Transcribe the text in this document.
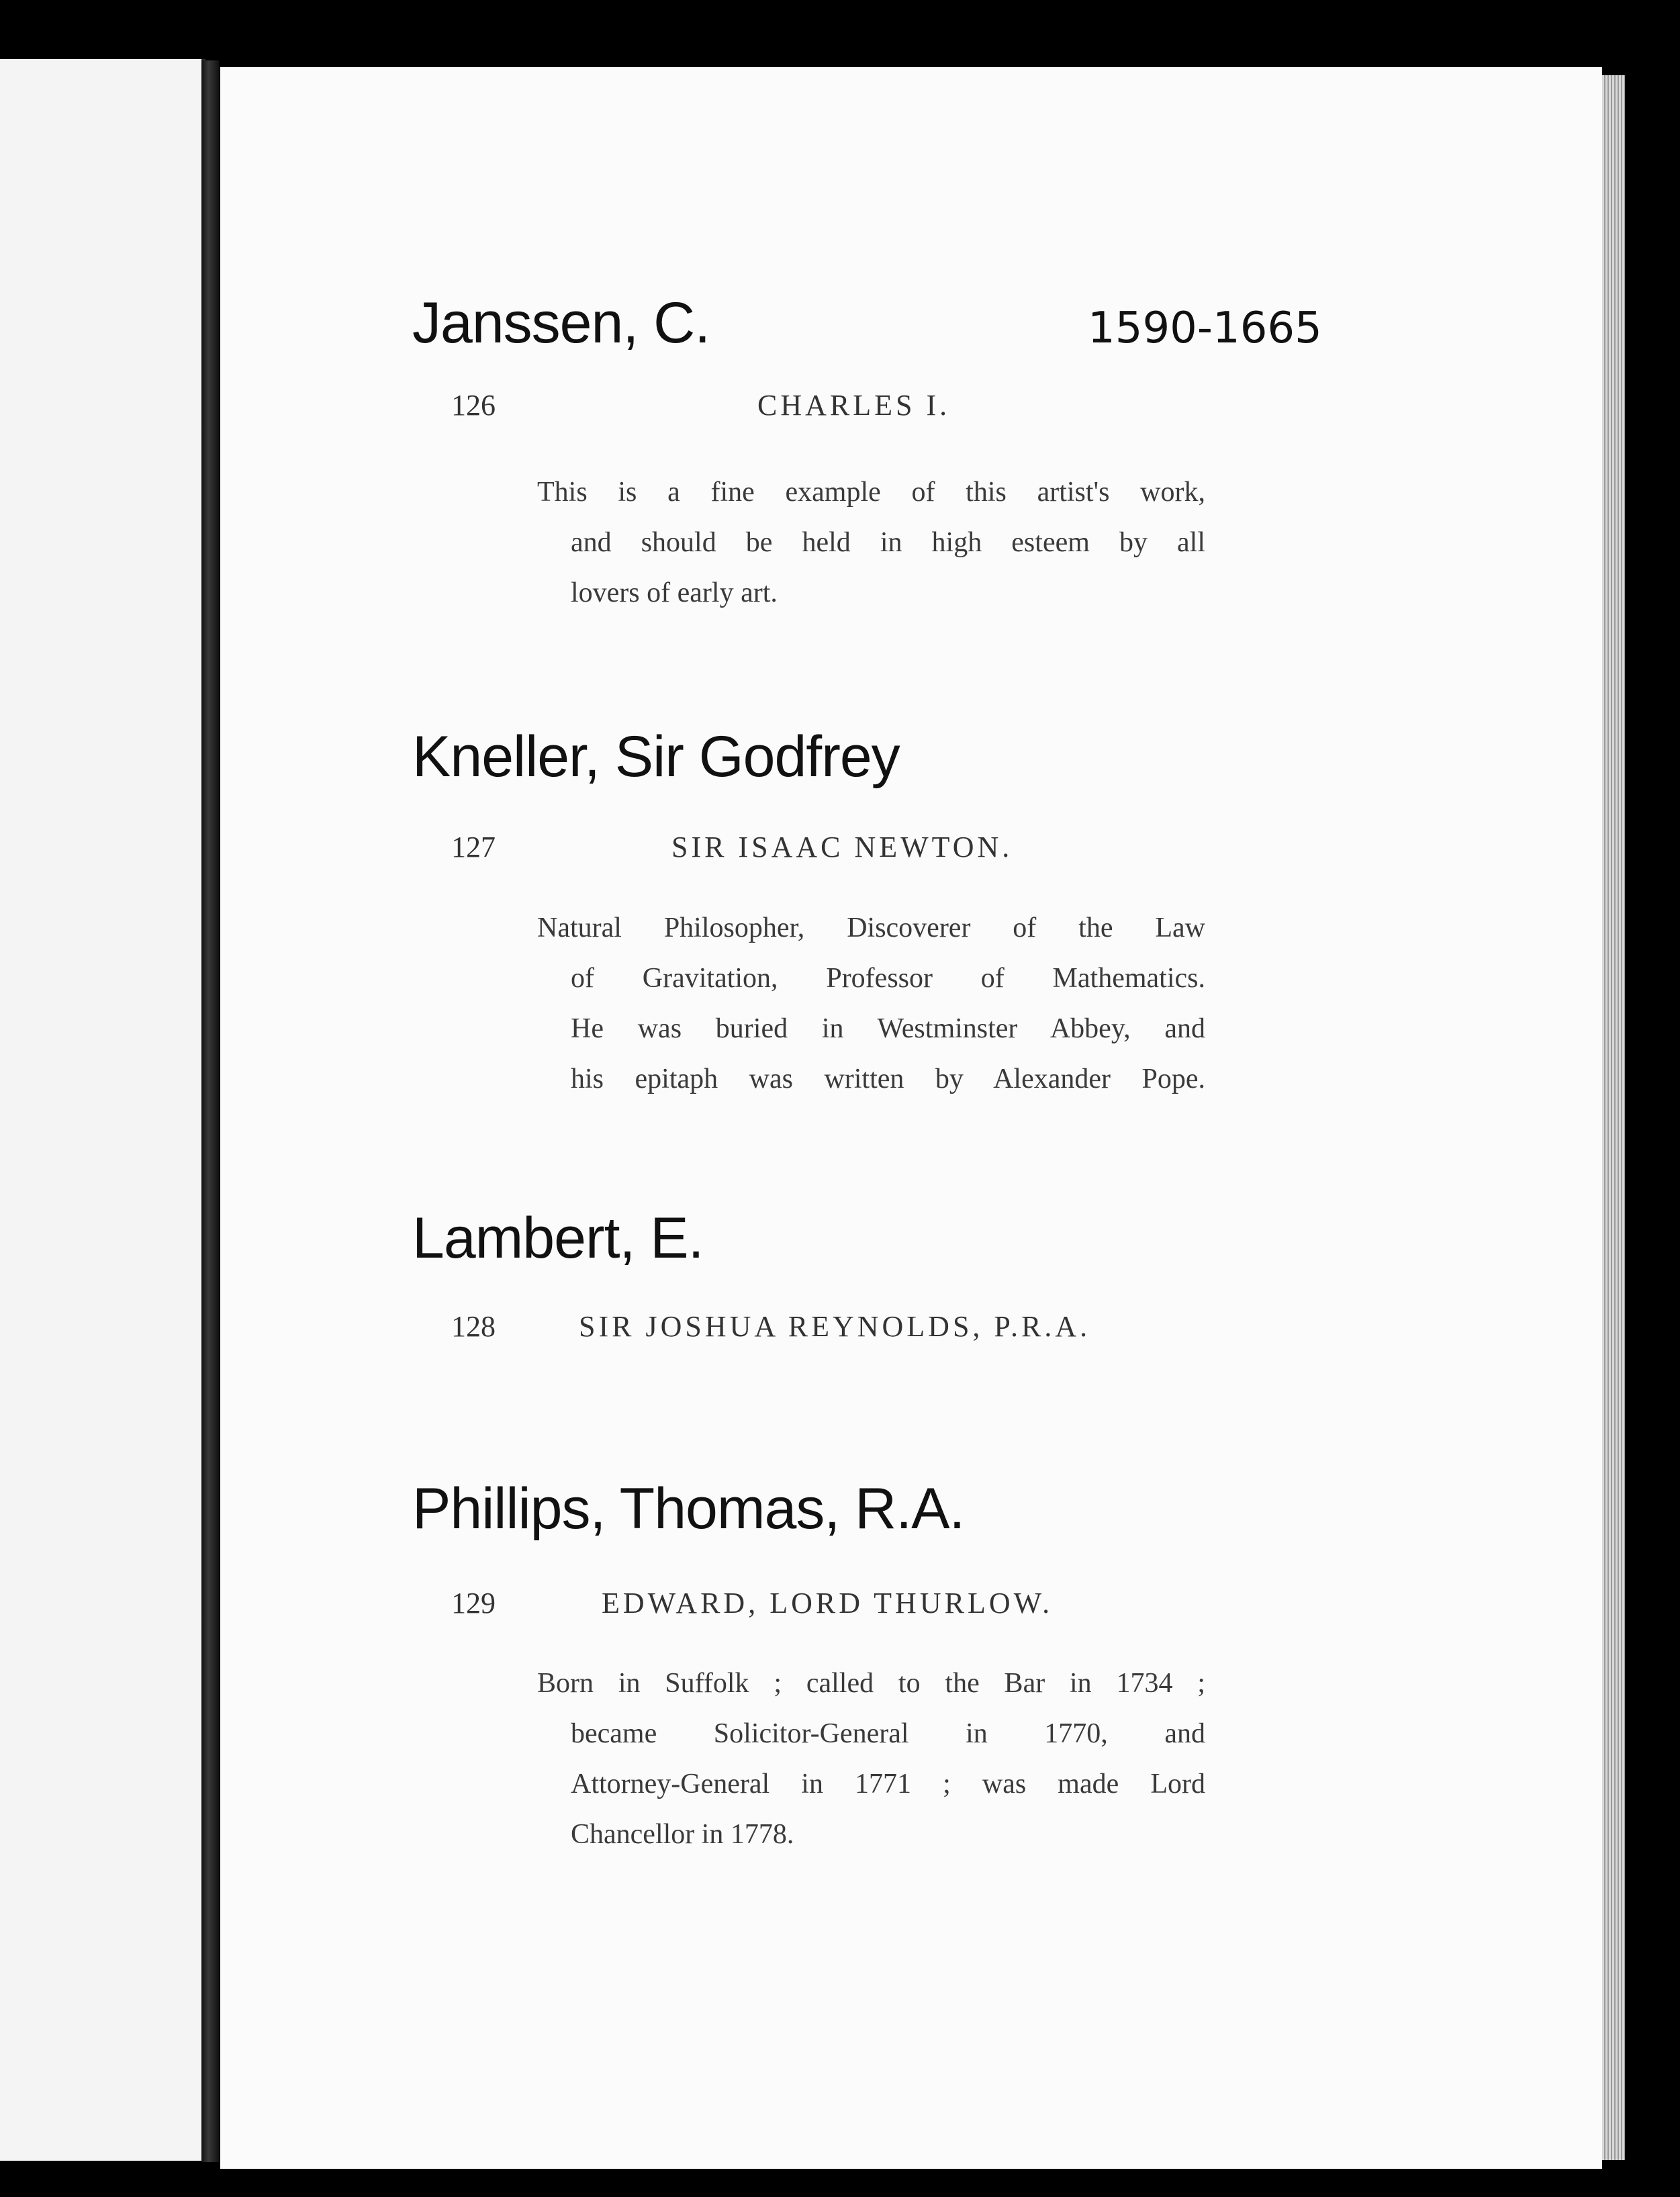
Janssen, C.	1590-1665
126	CHARLES I.
This is a fine example of this artist's work,
and should be held in high esteem by all
lovers of early art.
Kneller, Sir Godfrey
127	SIR ISAAC NEWTON.
Natural Philosopher, Discoverer of the Law
of Gravitation, Professor of Mathematics.
He was buried in Westminster Abbey, and
his epitaph was written by Alexander Pope.
Lambert, E.
128	SIR JOSHUA REYNOLDS, P.R.A.
Phillips, Thomas, R.A.
129	EDWARD, LORD THURLOW.
Born in Suffolk ; called to the Bar in 1734 ;
became Solicitor-General in 1770, and
Attorney-General in 1771 ; was made Lord
Chancellor in 1778.
